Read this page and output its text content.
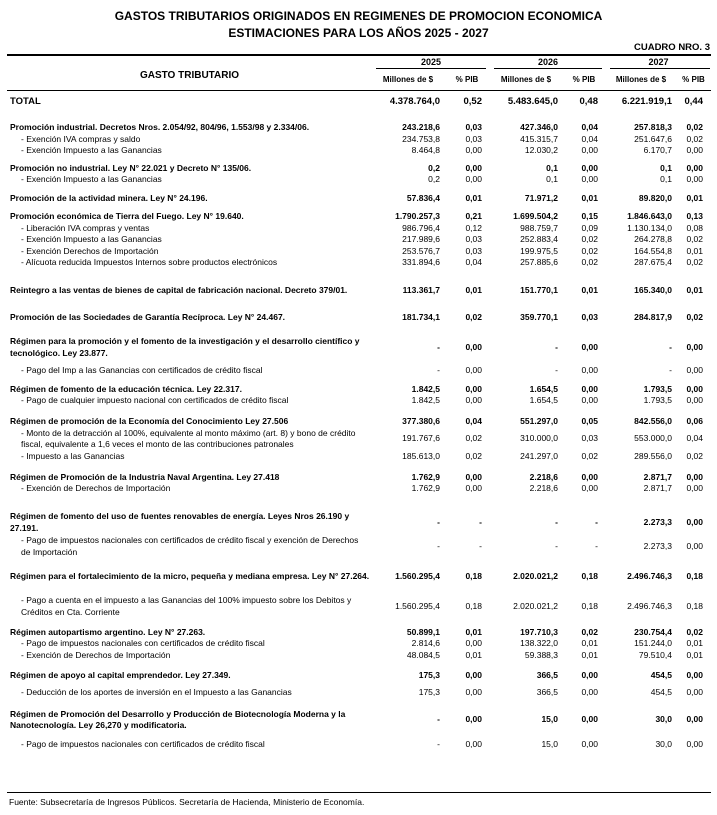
GASTOS TRIBUTARIOS ORIGINADOS EN REGIMENES DE PROMOCION ECONOMICA
ESTIMACIONES PARA LOS AÑOS 2025 - 2027
CUADRO NRO. 3
GASTO TRIBUTARIO
2025	2026	2027
Millones de $	% PIB	Millones de $	% PIB	Millones de $	% PIB
TOTAL	4.378.764,0	0,52	5.483.645,0	0,48	6.221.919,1	0,44

Promoción industrial. Decretos Nros. 2.054/92, 804/96, 1.553/98 y 2.334/06.	243.218,6	0,03	427.346,0	0,04	257.818,3	0,02
- Exención IVA compras y saldo	234.753,8	0,03	415.315,7	0,04	251.647,6	0,02
- Exención Impuesto a las Ganancias	8.464,8	0,00	12.030,2	0,00	6.170,7	0,00

Promoción no industrial. Ley N° 22.021 y Decreto N° 135/06.	0,2	0,00	0,1	0,00	0,1	0,00
- Exención Impuesto a las Ganancias	0,2	0,00	0,1	0,00	0,1	0,00

Promoción de la actividad minera. Ley N° 24.196.	57.836,4	0,01	71.971,2	0,01	89.820,0	0,01

Promoción económica de Tierra del Fuego. Ley N° 19.640.	1.790.257,3	0,21	1.699.504,2	0,15	1.846.643,0	0,13
- Liberación IVA compras y ventas	986.796,4	0,12	988.759,7	0,09	1.130.134,0	0,08
- Exención Impuesto a las Ganancias	217.989,6	0,03	252.883,4	0,02	264.278,8	0,02
- Exención Derechos de Importación	253.576,7	0,03	199.975,5	0,02	164.554,8	0,01
- Alícuota reducida Impuestos Internos sobre productos electrónicos	331.894,6	0,04	257.885,6	0,02	287.675,4	0,02

Reintegro a las ventas de bienes de capital de fabricación nacional. Decreto 379/01.	113.361,7	0,01	151.770,1	0,01	165.340,0	0,01

Promoción de las Sociedades de Garantía Recíproca. Ley N° 24.467.	181.734,1	0,02	359.770,1	0,03	284.817,9	0,02

Régimen para la promoción y el fomento de la investigación y el desarrollo científico y tecnológico. Ley 23.877.	-	0,00	-	0,00	-	0,00
- Pago del Imp a las Ganancias con certificados de crédito fiscal	-	0,00	-	0,00	-	0,00

Régimen de fomento de la educación técnica. Ley 22.317.	1.842,5	0,00	1.654,5	0,00	1.793,5	0,00
- Pago de cualquier impuesto nacional con certificados de crédito fiscal	1.842,5	0,00	1.654,5	0,00	1.793,5	0,00

Régimen de promoción de la Economía del Conocimiento Ley 27.506	377.380,6	0,04	551.297,0	0,05	842.556,0	0,06
- Monto de la detracción al 100%, equivalente al monto máximo (art. 8) y bono de crédito fiscal, equivalente a 1,6 veces el monto de las contribuciones patronales	191.767,6	0,02	310.000,0	0,03	553.000,0	0,04
- Impuesto a las Ganancias	185.613,0	0,02	241.297,0	0,02	289.556,0	0,02

Régimen de Promoción de la Industria Naval Argentina. Ley 27.418	1.762,9	0,00	2.218,6	0,00	2.871,7	0,00
- Exención de Derechos de Importación	1.762,9	0,00	2.218,6	0,00	2.871,7	0,00

Régimen de fomento del uso de fuentes renovables de energía. Leyes Nros 26.190 y 27.191.	-	-	-	-	2.273,3	0,00
- Pago de impuestos nacionales con certificados de crédito fiscal y exención de Derechos de Importación	-	-	-	-	2.273,3	0,00

Régimen para el fortalecimiento de la micro, pequeña y mediana empresa. Ley N° 27.264.	1.560.295,4	0,18	2.020.021,2	0,18	2.496.746,3	0,18

- Pago a cuenta en el impuesto a las Ganancias del 100% impuesto sobre los Debitos y Créditos en Cta. Corriente	1.560.295,4	0,18	2.020.021,2	0,18	2.496.746,3	0,18

Régimen autopartismo argentino. Ley N° 27.263.	50.899,1	0,01	197.710,3	0,02	230.754,4	0,02
- Pago de impuestos nacionales con certificados de crédito fiscal	2.814,6	0,00	138.322,0	0,01	151.244,0	0,01
- Exención de Derechos de Importación	48.084,5	0,01	59.388,3	0,01	79.510,4	0,01

Régimen de apoyo al capital emprendedor. Ley 27.349.	175,3	0,00	366,5	0,00	454,5	0,00

- Deducción de los aportes de inversión en el Impuesto a las Ganancias	175,3	0,00	366,5	0,00	454,5	0,00

Régimen de Promoción del Desarrollo y Producción de Biotecnología Moderna y la Nanotecnología. Ley 26,270 y modificatoria.	-	0,00	15,0	0,00	30,0	0,00

- Pago de impuestos nacionales con certificados de crédito fiscal	-	0,00	15,0	0,00	30,0	0,00
Fuente: Subsecretaría de Ingresos Públicos. Secretaría de Hacienda, Ministerio de Economía.
